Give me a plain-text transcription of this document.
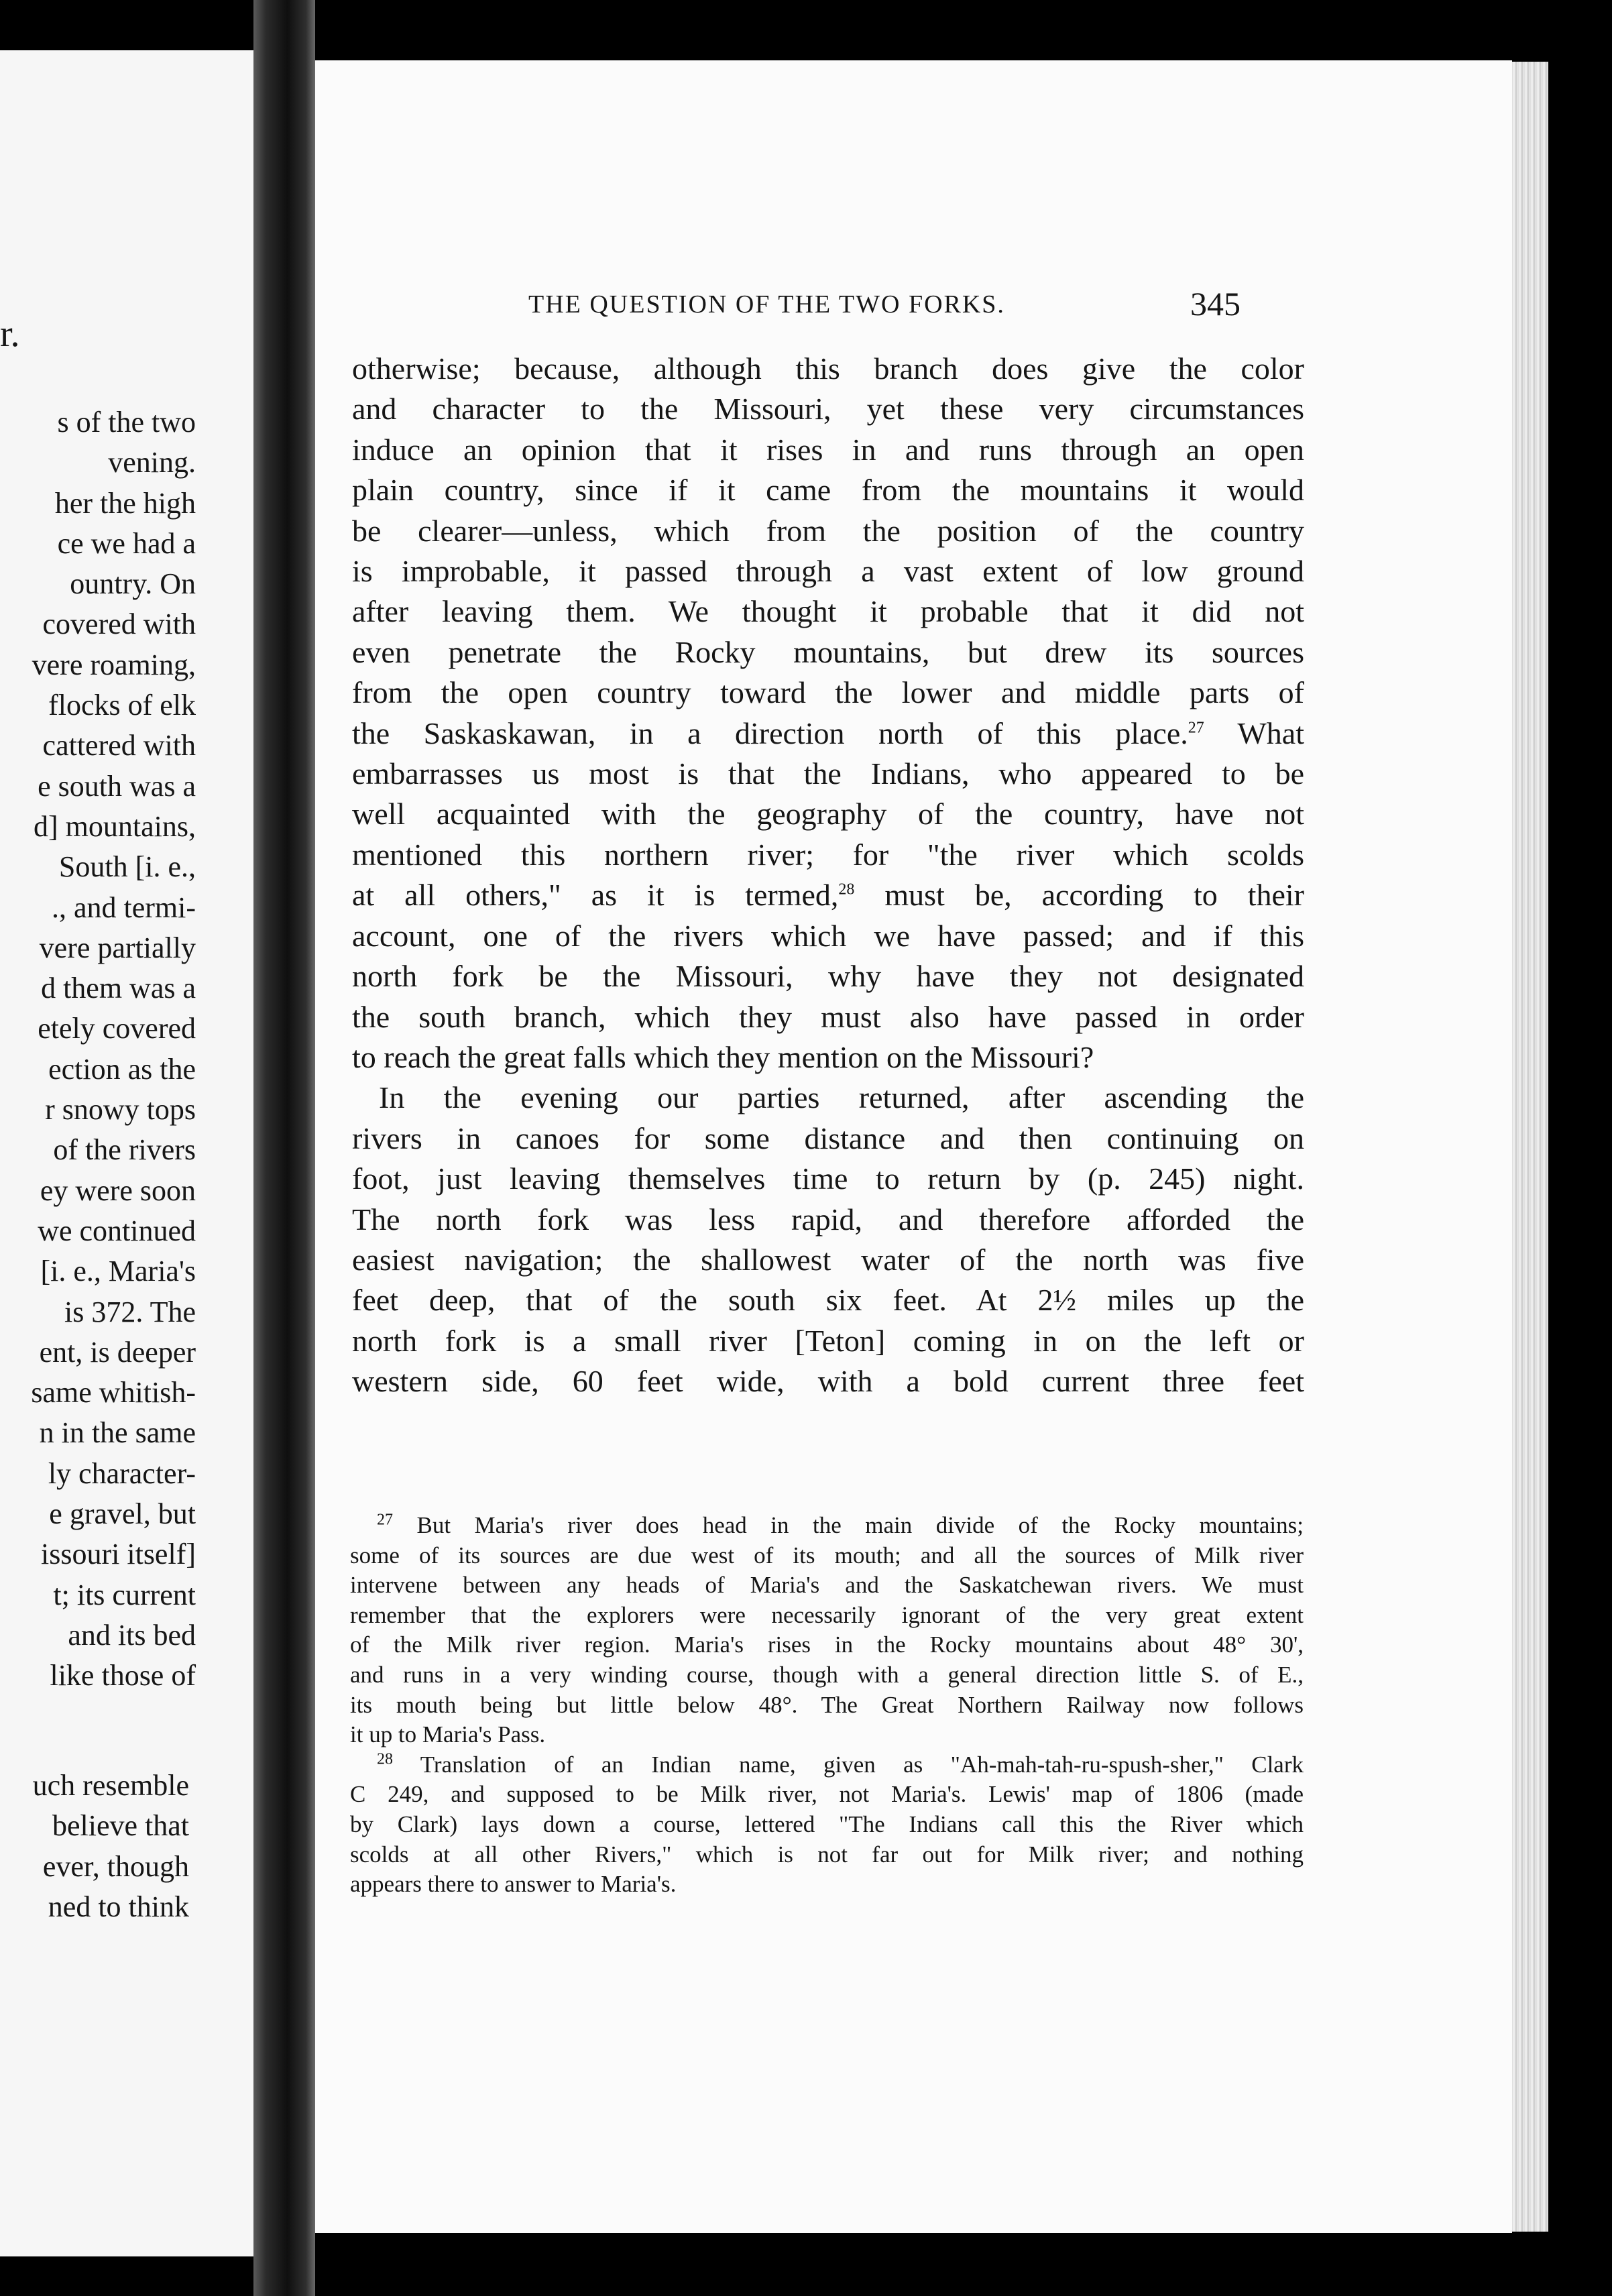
r.
s of the two
vening.
her the high
ce we had a
ountry. On
covered with
vere roaming,
flocks of elk
cattered with
e south was a
d] mountains,
South [i. e.,
., and termi-
vere partially
d them was a
etely covered
ection as the
r snowy tops
of the rivers
ey were soon
we continued
[i. e., Maria's
is 372. The
ent, is deeper
same whitish-
n in the same
ly character-
e gravel, but
issouri itself]
t; its current
and its bed
like those of
uch resemble
believe that
ever, though
ned to think
THE QUESTION OF THE TWO FORKS.	345
otherwise; because, although this branch does give the color
and character to the Missouri, yet these very circumstances
induce an opinion that it rises in and runs through an open
plain country, since if it came from the mountains it would
be clearer—unless, which from the position of the country
is improbable, it passed through a vast extent of low ground
after leaving them. We thought it probable that it did not
even penetrate the Rocky mountains, but drew its sources
from the open country toward the lower and middle parts of
the Saskaskawan, in a direction north of this place.$^{27}$ What
embarrasses us most is that the Indians, who appeared to be
well acquainted with the geography of the country, have not
mentioned this northern river; for "the river which scolds
at all others," as it is termed,$^{28}$ must be, according to their
account, one of the rivers which we have passed; and if this
north fork be the Missouri, why have they not designated
the south branch, which they must also have passed in order
to reach the great falls which they mention on the Missouri?
In the evening our parties returned, after ascending the
rivers in canoes for some distance and then continuing on
foot, just leaving themselves time to return by (p. 245) night.
The north fork was less rapid, and therefore afforded the
easiest navigation; the shallowest water of the north was five
feet deep, that of the south six feet. At 2½ miles up the
north fork is a small river [Teton] coming in on the left or
western side, 60 feet wide, with a bold current three feet
$^{27}$ But Maria's river does head in the main divide of the Rocky mountains;
some of its sources are due west of its mouth; and all the sources of Milk river
intervene between any heads of Maria's and the Saskatchewan rivers. We must
remember that the explorers were necessarily ignorant of the very great extent
of the Milk river region. Maria's rises in the Rocky mountains about 48° 30',
and runs in a very winding course, though with a general direction little S. of E.,
its mouth being but little below 48°. The Great Northern Railway now follows
it up to Maria's Pass.
$^{28}$ Translation of an Indian name, given as "Ah-mah-tah-ru-spush-sher," Clark
C 249, and supposed to be Milk river, not Maria's. Lewis' map of 1806 (made
by Clark) lays down a course, lettered "The Indians call this the River which
scolds at all other Rivers," which is not far out for Milk river; and nothing
appears there to answer to Maria's.
